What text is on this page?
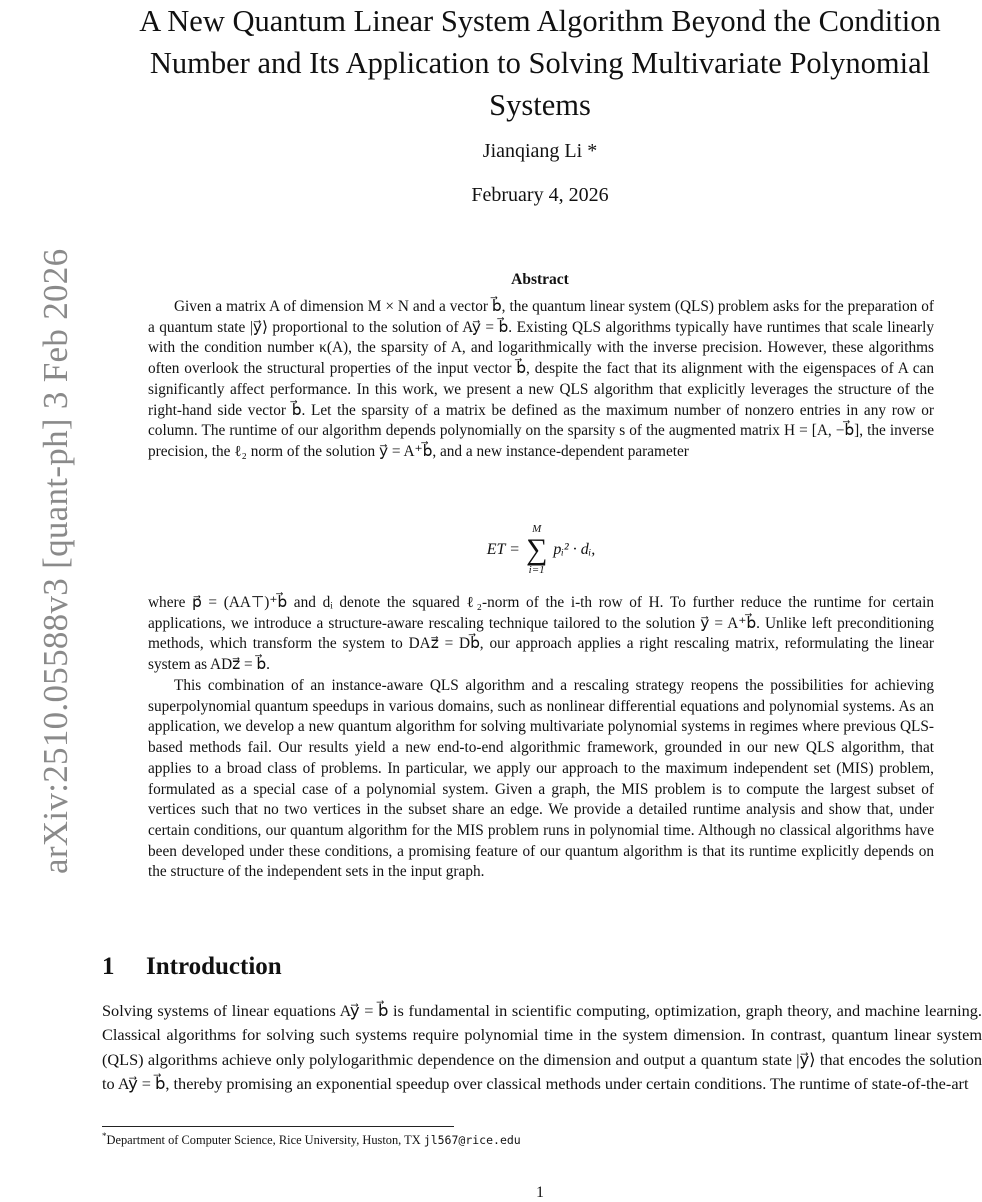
arXiv:2510.05588v3 [quant-ph] 3 Feb 2026
A New Quantum Linear System Algorithm Beyond the Condition Number and Its Application to Solving Multivariate Polynomial Systems
Jianqiang Li *
February 4, 2026
Abstract

Given a matrix A of dimension M × N and a vector b⃗, the quantum linear system (QLS) problem asks for the preparation of a quantum state |y⃗⟩ proportional to the solution of Ay⃗ = b⃗. Existing QLS algorithms typically have runtimes that scale linearly with the condition number κ(A), the sparsity of A, and logarithmically with the inverse precision. However, these algorithms often overlook the structural properties of the input vector b⃗, despite the fact that its alignment with the eigenspaces of A can significantly affect performance. In this work, we present a new QLS algorithm that explicitly leverages the structure of the right-hand side vector b⃗. Let the sparsity of a matrix be defined as the maximum number of nonzero entries in any row or column. The runtime of our algorithm depends polynomially on the sparsity s of the augmented matrix H = [A, −b⃗], the inverse precision, the ℓ₂ norm of the solution y⃗ = A⁺b⃗, and a new instance-dependent parameter

ET =
M
∑
i=1
pᵢ² · dᵢ,

where p⃗ = (AA⊤)⁺b⃗ and dᵢ denote the squared ℓ₂-norm of the i-th row of H. To further reduce the runtime for certain applications, we introduce a structure-aware rescaling technique tailored to the solution y⃗ = A⁺b⃗. Unlike left preconditioning methods, which transform the system to DAz⃗ = Db⃗, our approach applies a right rescaling matrix, reformulating the linear system as ADz⃗ = b⃗.

This combination of an instance-aware QLS algorithm and a rescaling strategy reopens the possibilities for achieving superpolynomial quantum speedups in various domains, such as nonlinear differential equations and polynomial systems. As an application, we develop a new quantum algorithm for solving multivariate polynomial systems in regimes where previous QLS-based methods fail. Our results yield a new end-to-end algorithmic framework, grounded in our new QLS algorithm, that applies to a broad class of problems. In particular, we apply our approach to the maximum independent set (MIS) problem, formulated as a special case of a polynomial system. Given a graph, the MIS problem is to compute the largest subset of vertices such that no two vertices in the subset share an edge. We provide a detailed runtime analysis and show that, under certain conditions, our quantum algorithm for the MIS problem runs in polynomial time. Although no classical algorithms have been developed under these conditions, a promising feature of our quantum algorithm is that its runtime explicitly depends on the structure of the independent sets in the input graph.

1 Introduction

Solving systems of linear equations Ay⃗ = b⃗ is fundamental in scientific computing, optimization, graph theory, and machine learning. Classical algorithms for solving such systems require polynomial time in the system dimension. In contrast, quantum linear system (QLS) algorithms achieve only polylogarithmic dependence on the dimension and output a quantum state |y⃗⟩ that encodes the solution to Ay⃗ = b⃗, thereby promising an exponential speedup over classical methods under certain conditions. The runtime of state-of-the-art

*Department of Computer Science, Rice University, Huston, TX jl567@rice.edu
1
